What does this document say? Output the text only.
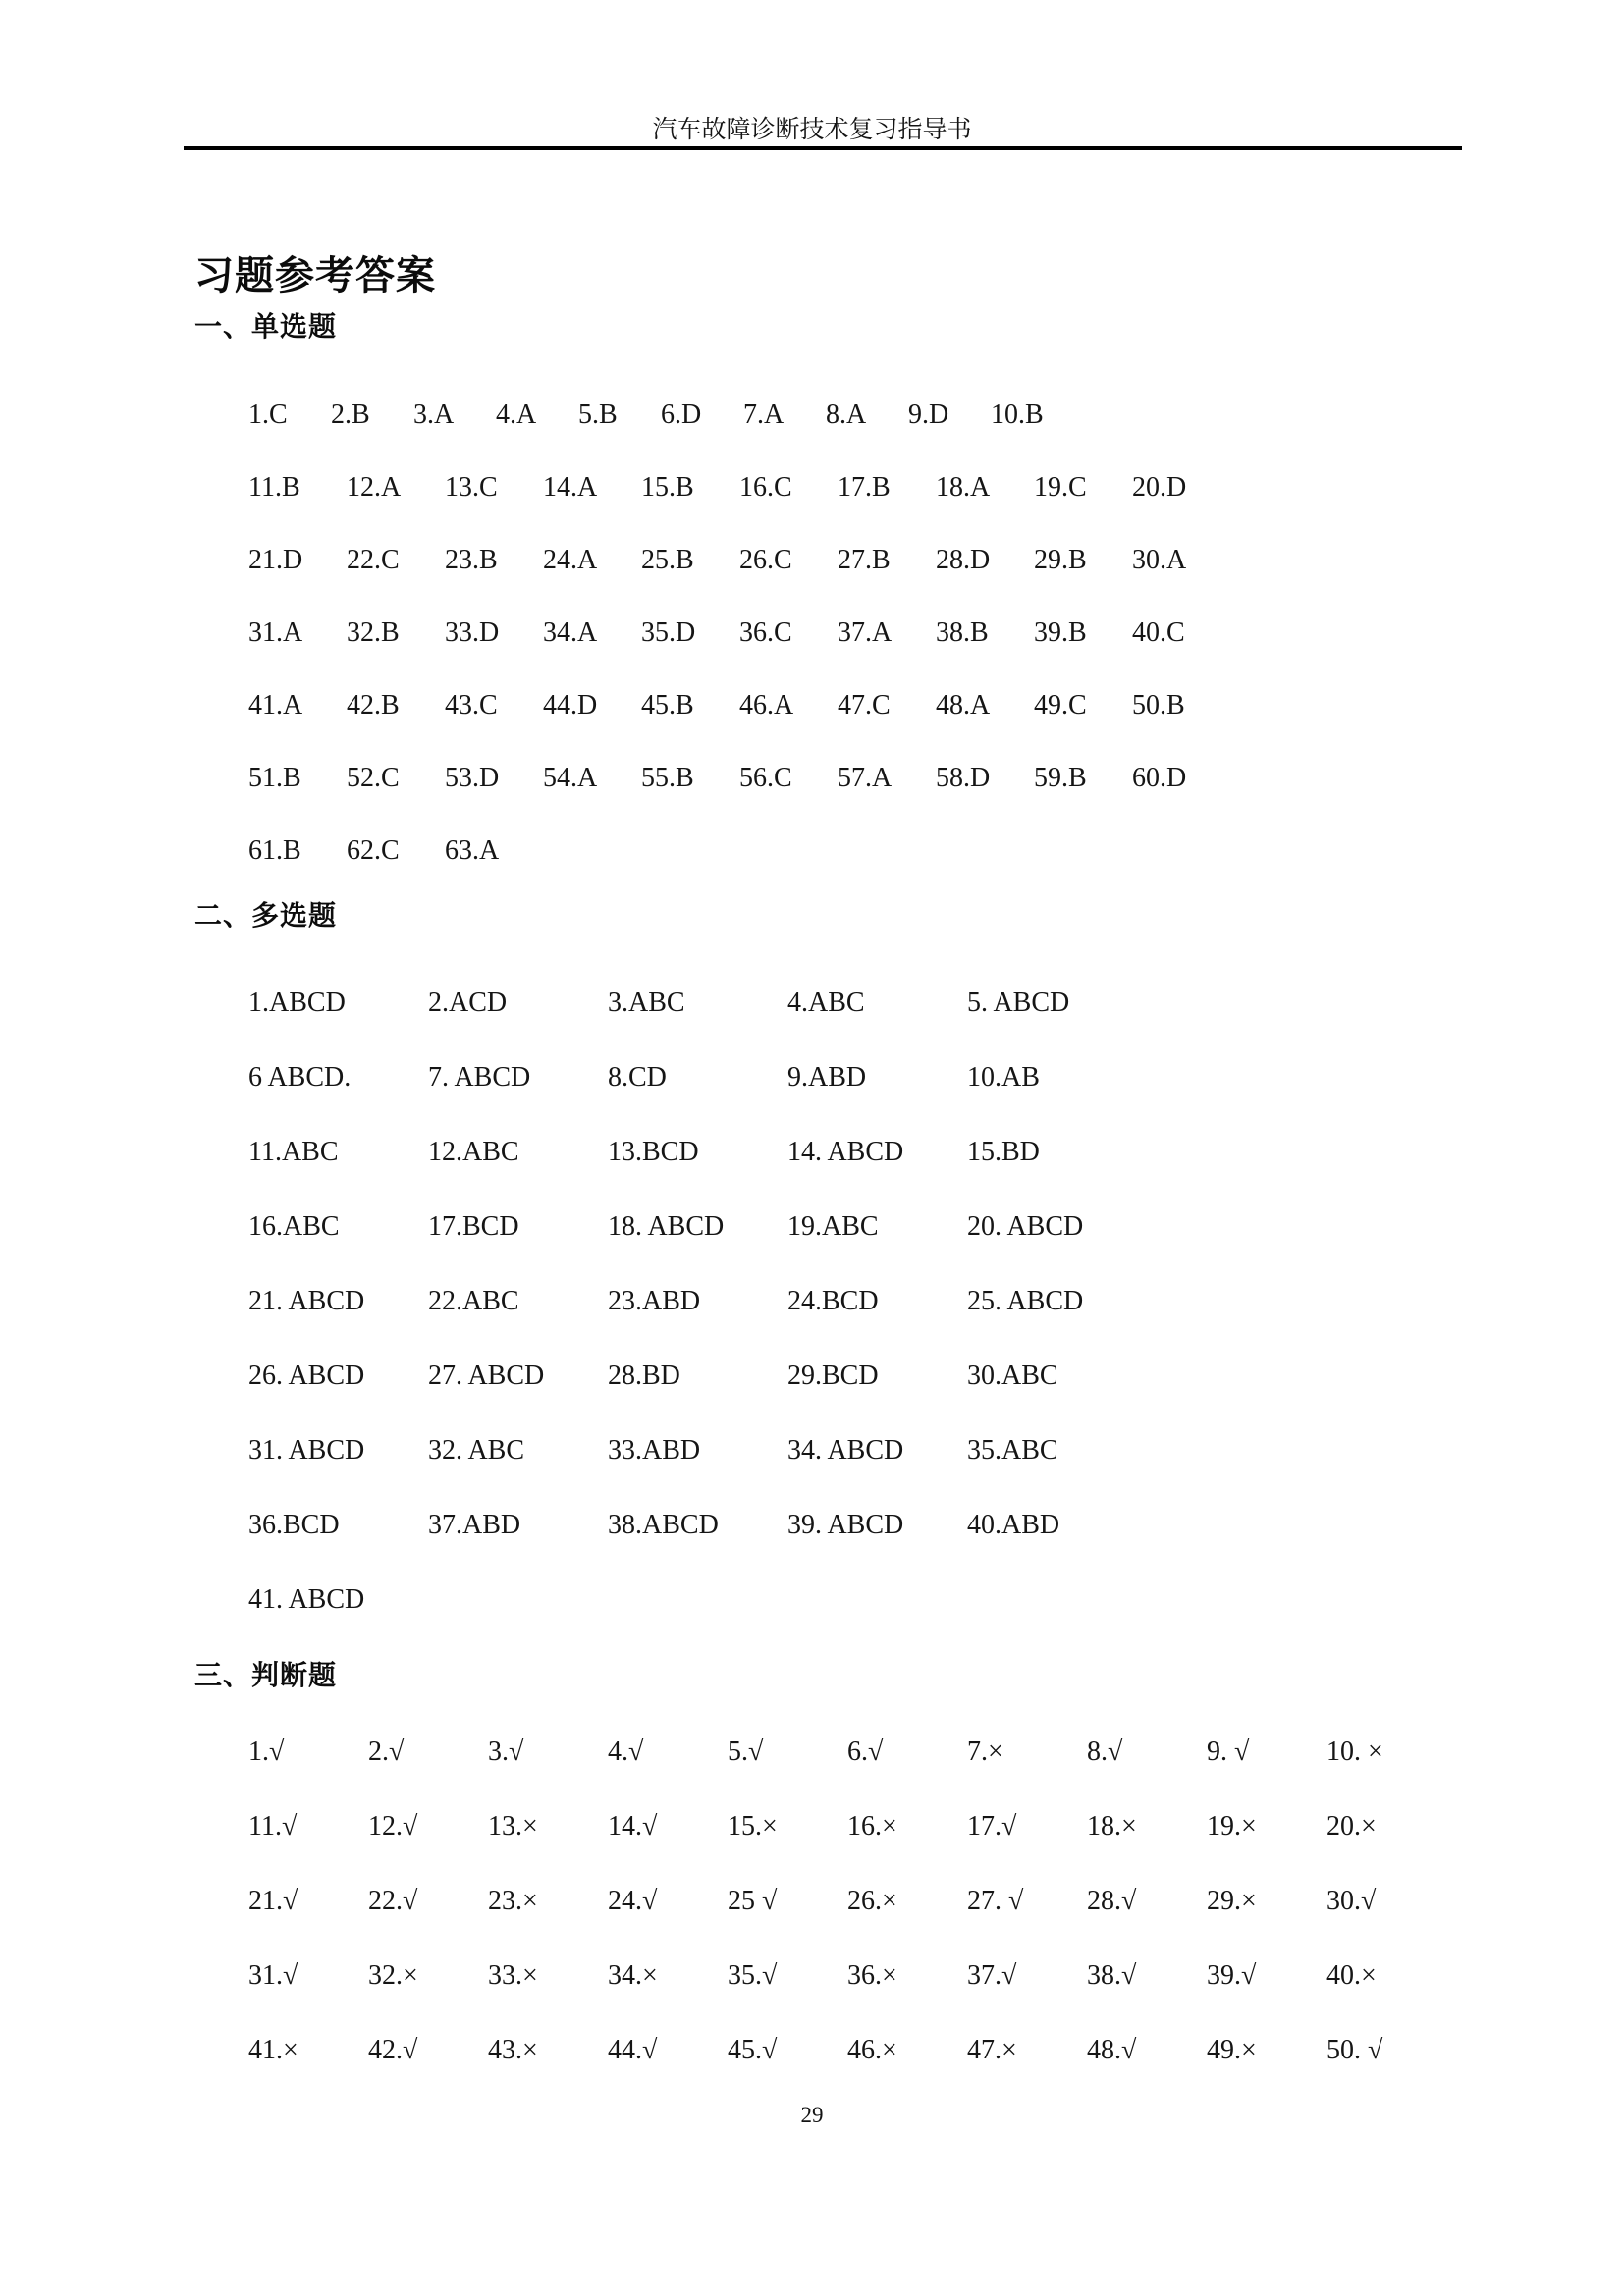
汽车故障诊断技术复习指导书
习题参考答案
一、单选题
1.C	2.B	3.A	4.A	5.B	6.D	7.A	8.A	9.D	10.B
11.B	12.A	13.C	14.A	15.B	16.C	17.B	18.A	19.C	20.D
21.D	22.C	23.B	24.A	25.B	26.C	27.B	28.D	29.B	30.A
31.A	32.B	33.D	34.A	35.D	36.C	37.A	38.B	39.B	40.C
41.A	42.B	43.C	44.D	45.B	46.A	47.C	48.A	49.C	50.B
51.B	52.C	53.D	54.A	55.B	56.C	57.A	58.D	59.B	60.D
61.B	62.C	63.A
二、多选题
1.ABCD	2.ACD	3.ABC	4.ABC	5. ABCD
6 ABCD.	7. ABCD	8.CD	9.ABD	10.AB
11.ABC	12.ABC	13.BCD	14. ABCD	15.BD
16.ABC	17.BCD	18. ABCD	19.ABC	20. ABCD
21. ABCD	22.ABC	23.ABD	24.BCD	25. ABCD
26. ABCD	27. ABCD	28.BD	29.BCD	30.ABC
31. ABCD	32. ABC	33.ABD	34. ABCD	35.ABC
36.BCD	37.ABD	38.ABCD	39. ABCD	40.ABD
41. ABCD
三、判断题
1.√	2.√	3.√	4.√	5.√	6.√	7.×	8.√	9. √	10. ×
11.√	12.√	13.×	14.√	15.×	16.×	17.√	18.×	19.×	20.×
21.√	22.√	23.×	24.√	25 √	26.×	27. √	28.√	29.×	30.√
31.√	32.×	33.×	34.×	35.√	36.×	37.√	38.√	39.√	40.×
41.×	42.√	43.×	44.√	45.√	46.×	47.×	48.√	49.×	50. √
29
